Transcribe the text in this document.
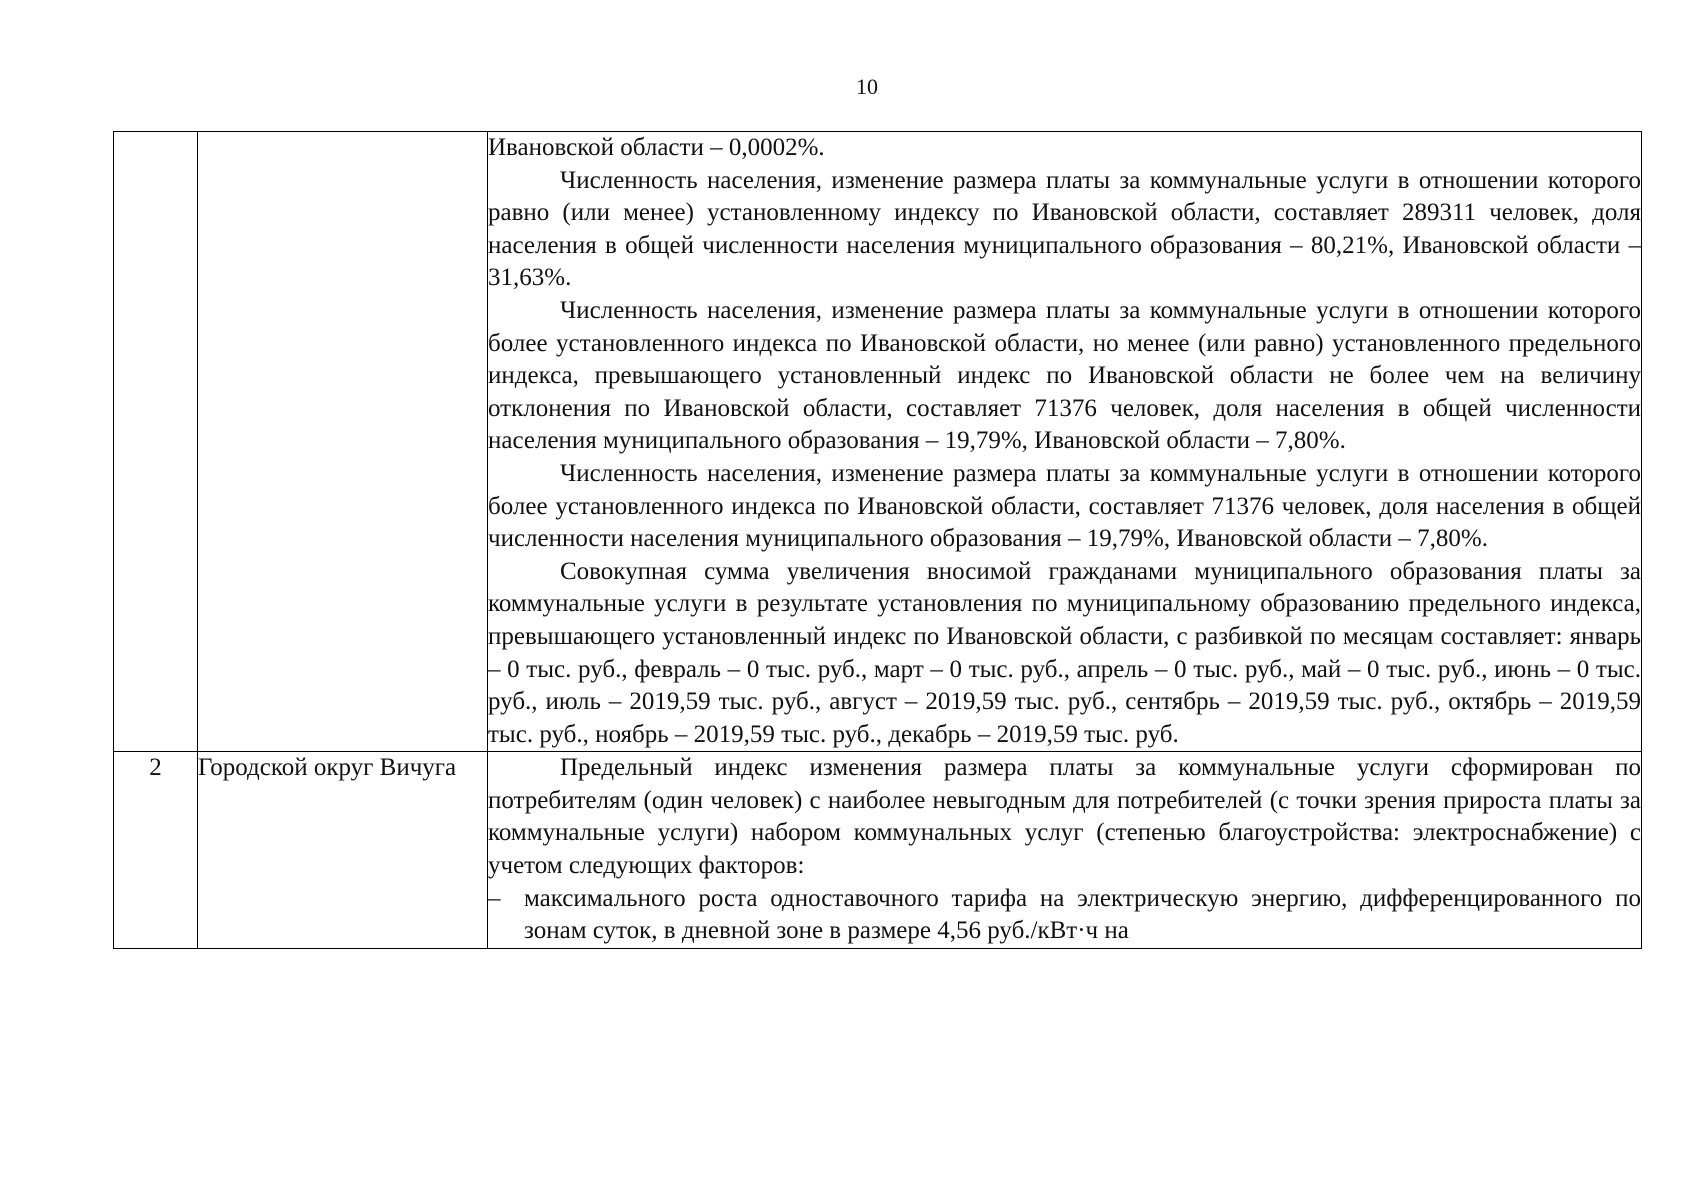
10

		Ивановской области – 0,0002%.

Численность населения, изменение размера платы за коммунальные услуги в отношении которого равно (или менее) установленному индексу по Ивановской области, составляет 289311 человек, доля населения в общей численности населения муниципального образования – 80,21%, Ивановской области – 31,63%.

Численность населения, изменение размера платы за коммунальные услуги в отношении которого более установленного индекса по Ивановской области, но менее (или равно) установленного предельного индекса, превышающего установленный индекс по Ивановской области не более чем на величину отклонения по Ивановской области, составляет 71376 человек, доля населения в общей численности населения муниципального образования – 19,79%, Ивановской области – 7,80%.

Численность населения, изменение размера платы за коммунальные услуги в отношении которого более установленного индекса по Ивановской области, составляет 71376 человек, доля населения в общей численности населения муниципального образования – 19,79%, Ивановской области – 7,80%.

Совокупная сумма увеличения вносимой гражданами муниципального образования платы за коммунальные услуги в результате установления по муниципальному образованию предельного индекса, превышающего установленный индекс по Ивановской области, с разбивкой по месяцам составляет: январь – 0 тыс. руб., февраль – 0 тыс. руб., март – 0 тыс. руб., апрель – 0 тыс. руб., май – 0 тыс. руб., июнь – 0 тыс. руб., июль – 2019,59 тыс. руб., август – 2019,59 тыс. руб., сентябрь – 2019,59 тыс. руб., октябрь – 2019,59 тыс. руб., ноябрь – 2019,59 тыс. руб., декабрь – 2019,59 тыс. руб.

2	Городской округ Вичуга	Предельный индекс изменения размера платы за коммунальные услуги сформирован по потребителям (один человек) с наиболее невыгодным для потребителей (с точки зрения прироста платы за коммунальные услуги) набором коммунальных услуг (степенью благоустройства: электроснабжение) с учетом следующих факторов:

– максимального роста одноставочного тарифа на электрическую энергию, дифференцированного по зонам суток, в дневной зоне в размере 4,56 руб./кВт·ч на
